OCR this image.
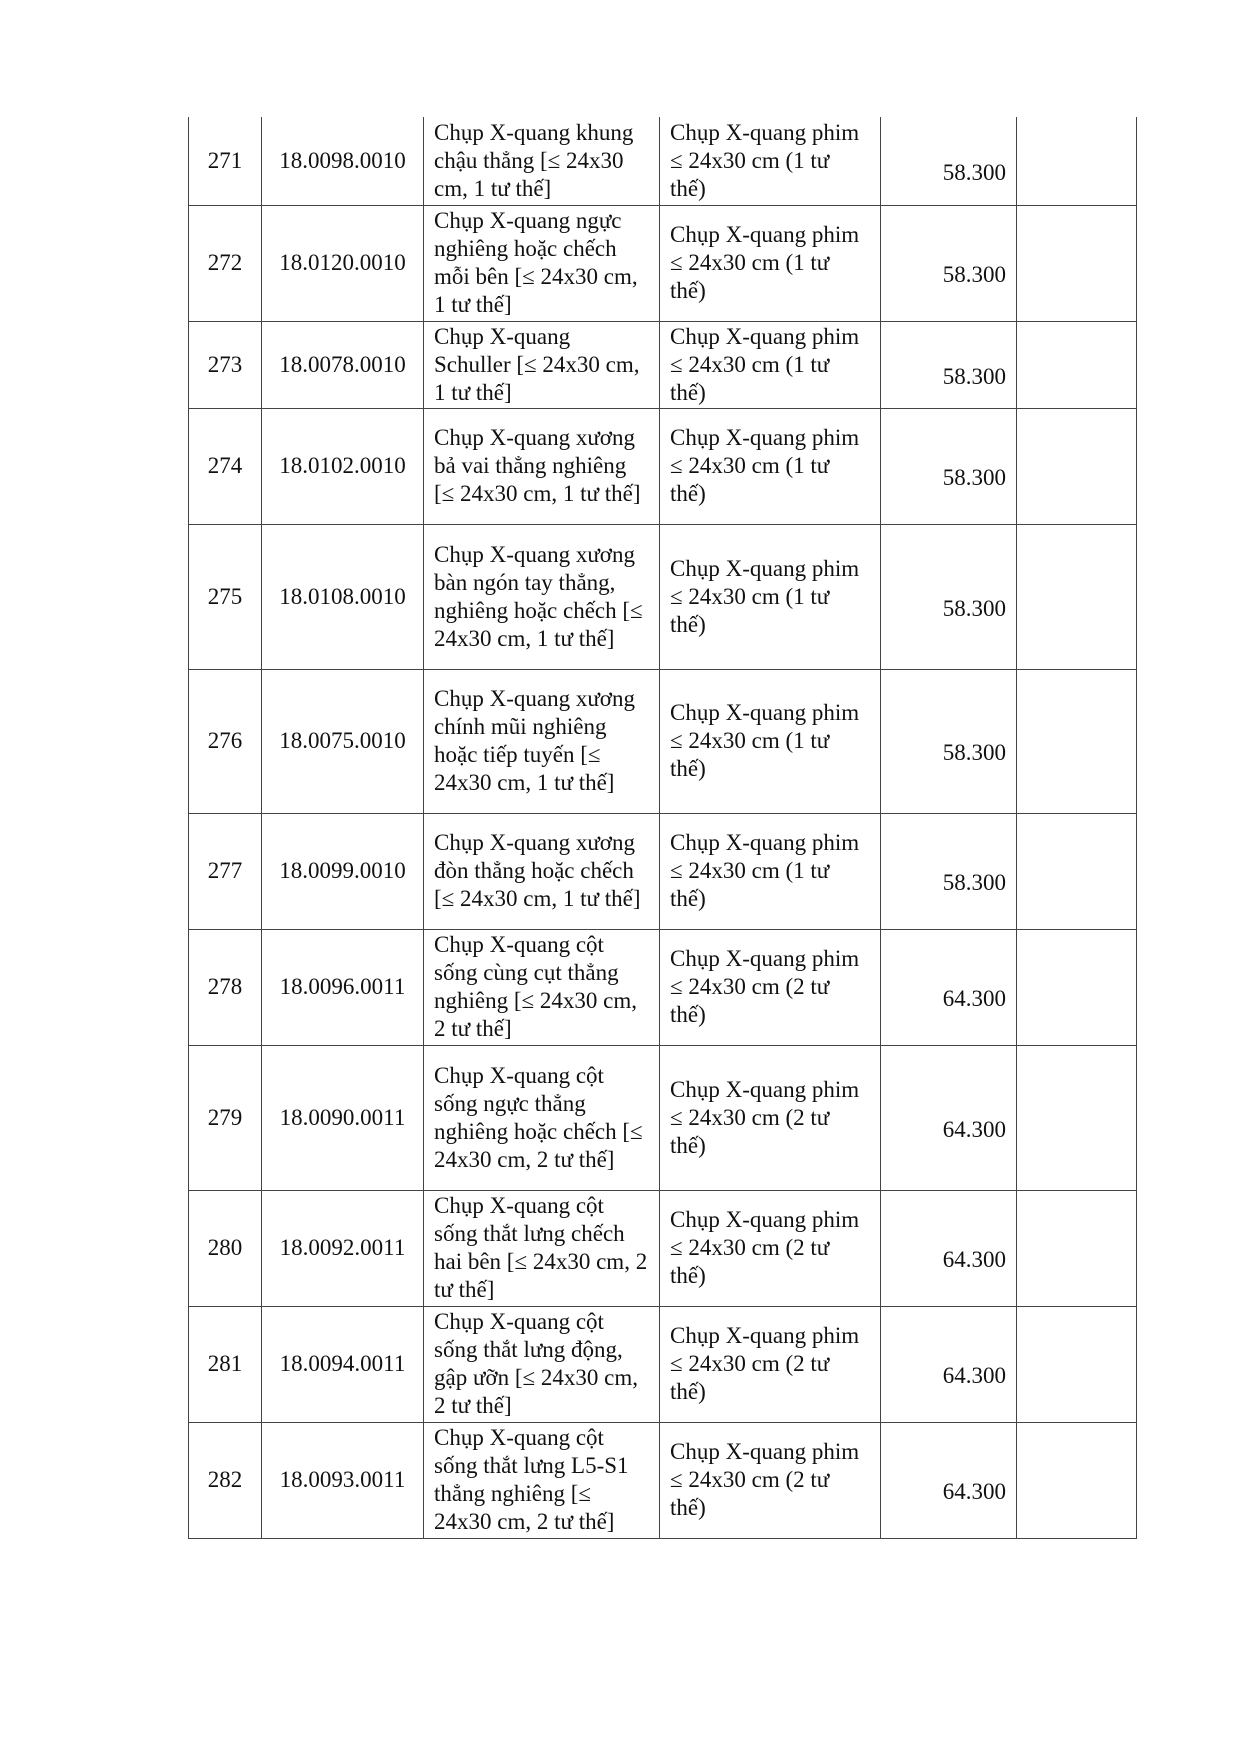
271	18.0098.0010	Chụp X-quang khung chậu thẳng [≤ 24x30 cm, 1 tư thế]	Chụp X-quang phim ≤ 24x30 cm (1 tư thế)	58.300	
272	18.0120.0010	Chụp X-quang ngực nghiêng hoặc chếch mỗi bên [≤ 24x30 cm, 1 tư thế]	Chụp X-quang phim ≤ 24x30 cm (1 tư thế)	58.300	
273	18.0078.0010	Chụp X-quang Schuller [≤ 24x30 cm, 1 tư thế]	Chụp X-quang phim ≤ 24x30 cm (1 tư thế)	58.300	
274	18.0102.0010	Chụp X-quang xương bả vai thẳng nghiêng [≤ 24x30 cm, 1 tư thế]	Chụp X-quang phim ≤ 24x30 cm (1 tư thế)	58.300	
275	18.0108.0010	Chụp X-quang xương bàn ngón tay thẳng, nghiêng hoặc chếch [≤ 24x30 cm, 1 tư thế]	Chụp X-quang phim ≤ 24x30 cm (1 tư thế)	58.300	
276	18.0075.0010	Chụp X-quang xương chính mũi nghiêng hoặc tiếp tuyến [≤ 24x30 cm, 1 tư thế]	Chụp X-quang phim ≤ 24x30 cm (1 tư thế)	58.300	
277	18.0099.0010	Chụp X-quang xương đòn thẳng hoặc chếch [≤ 24x30 cm, 1 tư thế]	Chụp X-quang phim ≤ 24x30 cm (1 tư thế)	58.300	
278	18.0096.0011	Chụp X-quang cột sống cùng cụt thẳng nghiêng [≤ 24x30 cm, 2 tư thế]	Chụp X-quang phim ≤ 24x30 cm (2 tư thế)	64.300	
279	18.0090.0011	Chụp X-quang cột sống ngực thẳng nghiêng hoặc chếch [≤ 24x30 cm, 2 tư thế]	Chụp X-quang phim ≤ 24x30 cm (2 tư thế)	64.300	
280	18.0092.0011	Chụp X-quang cột sống thắt lưng chếch hai bên [≤ 24x30 cm, 2 tư thế]	Chụp X-quang phim ≤ 24x30 cm (2 tư thế)	64.300	
281	18.0094.0011	Chụp X-quang cột sống thắt lưng động, gập ưỡn [≤ 24x30 cm, 2 tư thế]	Chụp X-quang phim ≤ 24x30 cm (2 tư thế)	64.300	
282	18.0093.0011	Chụp X-quang cột sống thắt lưng L5-S1 thẳng nghiêng [≤ 24x30 cm, 2 tư thế]	Chụp X-quang phim ≤ 24x30 cm (2 tư thế)	64.300	
